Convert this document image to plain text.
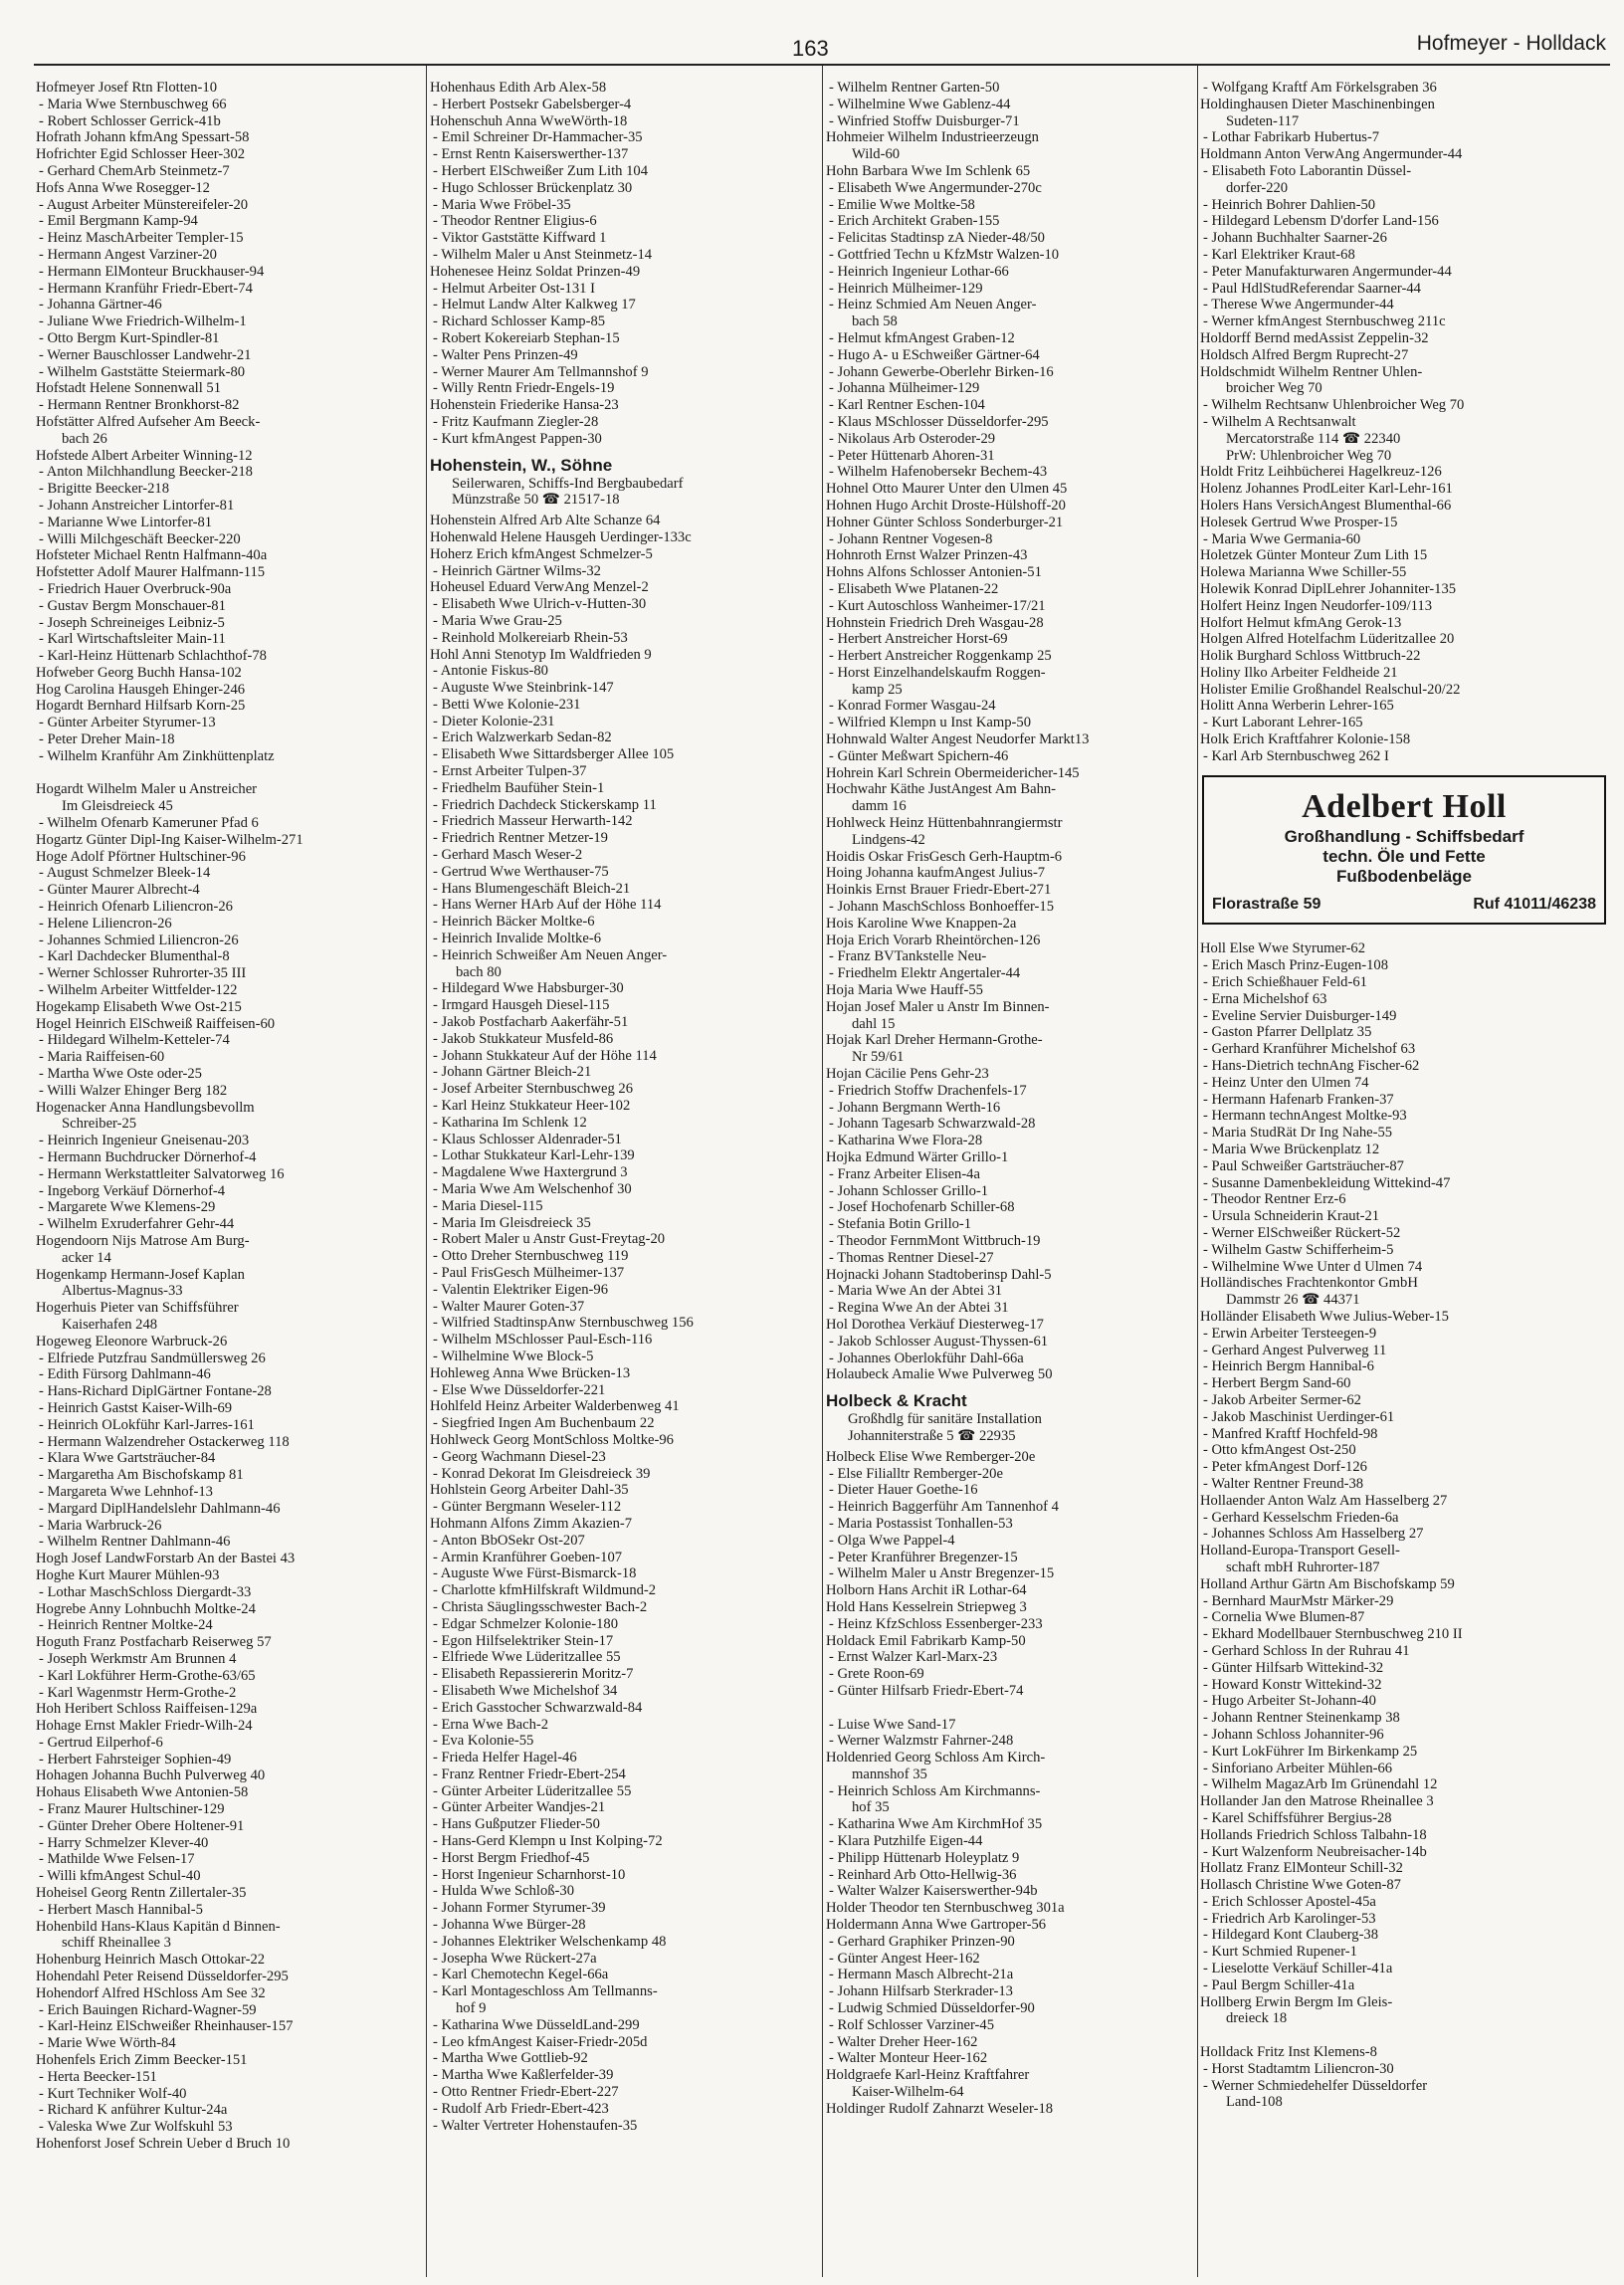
163	Hofmeyer - Holldack
Hofmeyer Josef Rtn Flotten-10
- Maria Wwe Sternbuschweg 66
- Robert Schlosser Gerrick-41b
Hofrath Johann kfmAng Spessart-58
Hofrichter Egid Schlosser Heer-302
- Gerhard ChemArb Steinmetz-7
Hofs Anna Wwe Rosegger-12
- August Arbeiter Münstereifeler-20
- Emil Bergmann Kamp-94
- Heinz MaschArbeiter Templer-15
- Hermann Angest Varziner-20
- Hermann ElMonteur Bruckhauser-94
- Hermann Kranführ Friedr-Ebert-74
- Johanna Gärtner-46
- Juliane Wwe Friedrich-Wilhelm-1
- Otto Bergm Kurt-Spindler-81
- Werner Bauschlosser Landwehr-21
- Wilhelm Gaststätte Steiermark-80
Hofstadt Helene Sonnenwall 51
- Hermann Rentner Bronkhorst-82
Hofstätter Alfred Aufseher Am Beeck-
bach 26
Hofstede Albert Arbeiter Winning-12
- Anton Milchhandlung Beecker-218
- Brigitte Beecker-218
- Johann Anstreicher Lintorfer-81
- Marianne Wwe Lintorfer-81
- Willi Milchgeschäft Beecker-220
Hofsteter Michael Rentn Halfmann-40a
Hofstetter Adolf Maurer Halfmann-115
- Friedrich Hauer Overbruck-90a
- Gustav Bergm Monschauer-81
- Joseph Schreineiges Leibniz-5
- Karl Wirtschaftsleiter Main-11
- Karl-Heinz Hüttenarb Schlachthof-78
Hofweber Georg Buchh Hansa-102
Hog Carolina Hausgeh Ehinger-246
Hogardt Bernhard Hilfsarb Korn-25
- Günter Arbeiter Styrumer-13
- Peter Dreher Main-18
- Wilhelm Kranführ Am Zinkhüttenplatz

Hogardt Wilhelm Maler u Anstreicher
Im Gleisdreieck 45
- Wilhelm Ofenarb Kameruner Pfad 6
Hogartz Günter Dipl-Ing Kaiser-Wilhelm-271
Hoge Adolf Pförtner Hultschiner-96
- August Schmelzer Bleek-14
- Günter Maurer Albrecht-4
- Heinrich Ofenarb Liliencron-26
- Helene Liliencron-26
- Johannes Schmied Liliencron-26
- Karl Dachdecker Blumenthal-8
- Werner Schlosser Ruhrorter-35 III
- Wilhelm Arbeiter Wittfelder-122
Hogekamp Elisabeth Wwe Ost-215
Hogel Heinrich ElSchweiß Raiffeisen-60
- Hildegard Wilhelm-Ketteler-74
- Maria Raiffeisen-60
- Martha Wwe Oste oder-25
- Willi Walzer Ehinger Berg 182
Hogenacker Anna Handlungsbevollm
Schreiber-25
- Heinrich Ingenieur Gneisenau-203
- Hermann Buchdrucker Dörnerhof-4
- Hermann Werkstattleiter Salvatorweg 16
- Ingeborg Verkäuf Dörnerhof-4
- Margarete Wwe Klemens-29
- Wilhelm Exruderfahrer Gehr-44
Hogendoorn Nijs Matrose Am Burg-
acker 14
Hogenkamp Hermann-Josef Kaplan
Albertus-Magnus-33
Hogerhuis Pieter van Schiffsführer
Kaiserhafen 248
Hogeweg Eleonore Warbruck-26
- Elfriede Putzfrau Sandmüllersweg 26
- Edith Fürsorg Dahlmann-46
- Hans-Richard DiplGärtner Fontane-28
- Heinrich Gastst Kaiser-Wilh-69
- Heinrich OLokführ Karl-Jarres-161
- Hermann Walzendreher Ostackerweg 118
- Klara Wwe Gartsträucher-84
- Margaretha Am Bischofskamp 81
- Margareta Wwe Lehnhof-13
- Margard DiplHandelslehr Dahlmann-46
- Maria Warbruck-26
- Wilhelm Rentner Dahlmann-46
Hogh Josef LandwForstarb An der Bastei 43
Hoghe Kurt Maurer Mühlen-93
- Lothar MaschSchloss Diergardt-33
Hogrebe Anny Lohnbuchh Moltke-24
- Heinrich Rentner Moltke-24
Hoguth Franz Postfacharb Reiserweg 57
- Joseph Werkmstr Am Brunnen 4
- Karl Lokführer Herm-Grothe-63/65
- Karl Wagenmstr Herm-Grothe-2
Hoh Heribert Schloss Raiffeisen-129a
Hohage Ernst Makler Friedr-Wilh-24
- Gertrud Eilperhof-6
- Herbert Fahrsteiger Sophien-49
Hohagen Johanna Buchh Pulverweg 40
Hohaus Elisabeth Wwe Antonien-58
- Franz Maurer Hultschiner-129
- Günter Dreher Obere Holtener-91
- Harry Schmelzer Klever-40
- Mathilde Wwe Felsen-17
- Willi kfmAngest Schul-40
Hoheisel Georg Rentn Zillertaler-35
- Herbert Masch Hannibal-5
Hohenbild Hans-Klaus Kapitän d Binnen-
schiff Rheinallee 3
Hohenburg Heinrich Masch Ottokar-22
Hohendahl Peter Reisend Düsseldorfer-295
Hohendorf Alfred HSchloss Am See 32
- Erich Bauingen Richard-Wagner-59
- Karl-Heinz ElSchweißer Rheinhauser-157
- Marie Wwe Wörth-84
Hohenfels Erich Zimm Beecker-151
- Herta Beecker-151
- Kurt Techniker Wolf-40
- Richard K anführer Kultur-24a
- Valeska Wwe Zur Wolfskuhl 53
Hohenforst Josef Schrein Ueber d Bruch 10
Hohenhaus Edith Arb Alex-58
- Herbert Postsekr Gabelsberger-4
Hohenschuh Anna WweWörth-18
- Emil Schreiner Dr-Hammacher-35
- Ernst Rentn Kaiserswerther-137
- Herbert ElSchweißer Zum Lith 104
- Hugo Schlosser Brückenplatz 30
- Maria Wwe Fröbel-35
- Theodor Rentner Eligius-6
- Viktor Gaststätte Kiffward 1
- Wilhelm Maler u Anst Steinmetz-14
Hohenesee Heinz Soldat Prinzen-49
- Helmut Arbeiter Ost-131 I
- Helmut Landw Alter Kalkweg 17
- Richard Schlosser Kamp-85
- Robert Kokereiarb Stephan-15
- Walter Pens Prinzen-49
- Werner Maurer Am Tellmannshof 9
- Willy Rentn Friedr-Engels-19
Hohenstein Friederike Hansa-23
- Fritz Kaufmann Ziegler-28
- Kurt kfmAngest Pappen-30
Hohenstein, W., Söhne
Seilerwaren, Schiffs-Ind Bergbaubedarf
Münzstraße 50 ☎ 21517-18
Hohenstein Alfred Arb Alte Schanze 64
Hohenwald Helene Hausgeh Uerdinger-133c
Hoherz Erich kfmAngest Schmelzer-5
- Heinrich Gärtner Wilms-32
Hoheusel Eduard VerwAng Menzel-2
- Elisabeth Wwe Ulrich-v-Hutten-30
- Maria Wwe Grau-25
- Reinhold Molkereiarb Rhein-53
Hohl Anni Stenotyp Im Waldfrieden 9
- Antonie Fiskus-80
- Auguste Wwe Steinbrink-147
- Betti Wwe Kolonie-231
- Dieter Kolonie-231
- Erich Walzwerkarb Sedan-82
- Elisabeth Wwe Sittardsberger Allee 105
- Ernst Arbeiter Tulpen-37
- Friedhelm Baufüher Stein-1
- Friedrich Dachdeck Stickerskamp 11
- Friedrich Masseur Herwarth-142
- Friedrich Rentner Metzer-19
- Gerhard Masch Weser-2
- Gertrud Wwe Werthauser-75
- Hans Blumengeschäft Bleich-21
- Hans Werner HArb Auf der Höhe 114
- Heinrich Bäcker Moltke-6
- Heinrich Invalide Moltke-6
- Heinrich Schweißer Am Neuen Anger-
bach 80
- Hildegard Wwe Habsburger-30
- Irmgard Hausgeh Diesel-115
- Jakob Postfacharb Aakerfähr-51
- Jakob Stukkateur Musfeld-86
- Johann Stukkateur Auf der Höhe 114
- Johann Gärtner Bleich-21
- Josef Arbeiter Sternbuschweg 26
- Karl Heinz Stukkateur Heer-102
- Katharina Im Schlenk 12
- Klaus Schlosser Aldenrader-51
- Lothar Stukkateur Karl-Lehr-139
- Magdalene Wwe Haxtergrund 3
- Maria Wwe Am Welschenhof 30
- Maria Diesel-115
- Maria Im Gleisdreieck 35
- Robert Maler u Anstr Gust-Freytag-20
- Otto Dreher Sternbuschweg 119
- Paul FrisGesch Mülheimer-137
- Valentin Elektriker Eigen-96
- Walter Maurer Goten-37
- Wilfried StadtinspAnw Sternbuschweg 156
- Wilhelm MSchlosser Paul-Esch-116
- Wilhelmine Wwe Block-5
Hohleweg Anna Wwe Brücken-13
- Else Wwe Düsseldorfer-221
Hohlfeld Heinz Arbeiter Walderbenweg 41
- Siegfried Ingen Am Buchenbaum 22
Hohlweck Georg MontSchloss Moltke-96
- Georg Wachmann Diesel-23
- Konrad Dekorat Im Gleisdreieck 39
Hohlstein Georg Arbeiter Dahl-35
- Günter Bergmann Weseler-112
Hohmann Alfons Zimm Akazien-7
- Anton BbOSekr Ost-207
- Armin Kranführer Goeben-107
- Auguste Wwe Fürst-Bismarck-18
- Charlotte kfmHilfskraft Wildmund-2
- Christa Säuglingsschwester Bach-2
- Edgar Schmelzer Kolonie-180
- Egon Hilfselektriker Stein-17
- Elfriede Wwe Lüderitzallee 55
- Elisabeth Repassiererin Moritz-7
- Elisabeth Wwe Michelshof 34
- Erich Gasstocher Schwarzwald-84
- Erna Wwe Bach-2
- Eva Kolonie-55
- Frieda Helfer Hagel-46
- Franz Rentner Friedr-Ebert-254
- Günter Arbeiter Lüderitzallee 55
- Günter Arbeiter Wandjes-21
- Hans Gußputzer Flieder-50
- Hans-Gerd Klempn u Inst Kolping-72
- Horst Bergm Friedhof-45
- Horst Ingenieur Scharnhorst-10
- Hulda Wwe Schloß-30
- Johann Former Styrumer-39
- Johanna Wwe Bürger-28
- Johannes Elektriker Welschenkamp 48
- Josepha Wwe Rückert-27a
- Karl Chemotechn Kegel-66a
- Karl Montageschloss Am Tellmanns-
hof 9
- Katharina Wwe DüsseldLand-299
- Leo kfmAngest Kaiser-Friedr-205d
- Martha Wwe Gottlieb-92
- Martha Wwe Kaßlerfelder-39
- Otto Rentner Friedr-Ebert-227
- Rudolf Arb Friedr-Ebert-423
- Walter Vertreter Hohenstaufen-35
- Wilhelm Rentner Garten-50
- Wilhelmine Wwe Gablenz-44
- Winfried Stoffw Duisburger-71
Hohmeier Wilhelm Industrieerzeugn
Wild-60
Hohn Barbara Wwe Im Schlenk 65
- Elisabeth Wwe Angermunder-270c
- Emilie Wwe Moltke-58
- Erich Architekt Graben-155
- Felicitas Stadtinsp zA Nieder-48/50
- Gottfried Techn u KfzMstr Walzen-10
- Heinrich Ingenieur Lothar-66
- Heinrich Mülheimer-129
- Heinz Schmied Am Neuen Anger-
bach 58
- Helmut kfmAngest Graben-12
- Hugo A- u ESchweißer Gärtner-64
- Johann Gewerbe-Oberlehr Birken-16
- Johanna Mülheimer-129
- Karl Rentner Eschen-104
- Klaus MSchlosser Düsseldorfer-295
- Nikolaus Arb Osteroder-29
- Peter Hüttenarb Ahoren-31
- Wilhelm Hafenobersekr Bechem-43
Hohnel Otto Maurer Unter den Ulmen 45
Hohnen Hugo Archit Droste-Hülshoff-20
Hohner Günter Schloss Sonderburger-21
- Johann Rentner Vogesen-8
Hohnroth Ernst Walzer Prinzen-43
Hohns Alfons Schlosser Antonien-51
- Elisabeth Wwe Platanen-22
- Kurt Autoschloss Wanheimer-17/21
Hohnstein Friedrich Dreh Wasgau-28
- Herbert Anstreicher Horst-69
- Herbert Anstreicher Roggenkamp 25
- Horst Einzelhandelskaufm Roggen-
kamp 25
- Konrad Former Wasgau-24
- Wilfried Klempn u Inst Kamp-50
Hohnwald Walter Angest Neudorfer Markt13
- Günter Meßwart Spichern-46
Hohrein Karl Schrein Obermeidericher-145
Hochwahr Käthe JustAngest Am Bahn-
damm 16
Hohlweck Heinz Hüttenbahnrangiermstr
Lindgens-42
Hoidis Oskar FrisGesch Gerh-Hauptm-6
Hoing Johanna kaufmAngest Julius-7
Hoinkis Ernst Brauer Friedr-Ebert-271
- Johann MaschSchloss Bonhoeffer-15
Hois Karoline Wwe Knappen-2a
Hoja Erich Vorarb Rheintörchen-126
- Franz BVTankstelle Neu-
- Friedhelm Elektr Angertaler-44
Hoja Maria Wwe Hauff-55
Hojan Josef Maler u Anstr Im Binnen-
dahl 15
Hojak Karl Dreher Hermann-Grothe-
Nr 59/61
Hojan Cäcilie Pens Gehr-23
- Friedrich Stoffw Drachenfels-17
- Johann Bergmann Werth-16
- Johann Tagesarb Schwarzwald-28
- Katharina Wwe Flora-28
Hojka Edmund Wärter Grillo-1
- Franz Arbeiter Elisen-4a
- Johann Schlosser Grillo-1
- Josef Hochofenarb Schiller-68
- Stefania Botin Grillo-1
- Theodor FernmMont Wittbruch-19
- Thomas Rentner Diesel-27
Hojnacki Johann Stadtoberinsp Dahl-5
- Maria Wwe An der Abtei 31
- Regina Wwe An der Abtei 31
Hol Dorothea Verkäuf Diesterweg-17
- Jakob Schlosser August-Thyssen-61
- Johannes Oberlokführ Dahl-66a
Holaubeck Amalie Wwe Pulverweg 50
Holbeck & Kracht
Großhdlg für sanitäre Installation
Johanniterstraße 5 ☎ 22935
Holbeck Elise Wwe Remberger-20e
- Else Filialltr Remberger-20e
- Dieter Hauer Goethe-16
- Heinrich Baggerführ Am Tannenhof 4
- Maria Postassist Tonhallen-53
- Olga Wwe Pappel-4
- Peter Kranführer Bregenzer-15
- Wilhelm Maler u Anstr Bregenzer-15
Holborn Hans Archit iR Lothar-64
Hold Hans Kesselrein Striepweg 3
- Heinz KfzSchloss Essenberger-233
Holdack Emil Fabrikarb Kamp-50
- Ernst Walzer Karl-Marx-23
- Grete Roon-69
- Günter Hilfsarb Friedr-Ebert-74

- Luise Wwe Sand-17
- Werner Walzmstr Fahrner-248
Holdenried Georg Schloss Am Kirch-
mannshof 35
- Heinrich Schloss Am Kirchmanns-
hof 35
- Katharina Wwe Am KirchmHof 35
- Klara Putzhilfe Eigen-44
- Philipp Hüttenarb Holeyplatz 9
- Reinhard Arb Otto-Hellwig-36
- Walter Walzer Kaiserswerther-94b
Holder Theodor ten Sternbuschweg 301a
Holdermann Anna Wwe Gartroper-56
- Gerhard Graphiker Prinzen-90
- Günter Angest Heer-162
- Hermann Masch Albrecht-21a
- Johann Hilfsarb Sterkrader-13
- Ludwig Schmied Düsseldorfer-90
- Rolf Schlosser Varziner-45
- Walter Dreher Heer-162
- Walter Monteur Heer-162
Holdgraefe Karl-Heinz Kraftfahrer
Kaiser-Wilhelm-64
Holdinger Rudolf Zahnarzt Weseler-18
- Wolfgang Kraftf Am Förkelsgraben 36
Holdinghausen Dieter Maschinenbingen
Sudeten-117
- Lothar Fabrikarb Hubertus-7
Holdmann Anton VerwAng Angermunder-44
- Elisabeth Foto Laborantin Düssel-
dorfer-220
- Heinrich Bohrer Dahlien-50
- Hildegard Lebensm D'dorfer Land-156
- Johann Buchhalter Saarner-26
- Karl Elektriker Kraut-68
- Peter Manufakturwaren Angermunder-44
- Paul HdlStudReferendar Saarner-44
- Therese Wwe Angermunder-44
- Werner kfmAngest Sternbuschweg 211c
Holdorff Bernd medAssist Zeppelin-32
Holdsch Alfred Bergm Ruprecht-27
Holdschmidt Wilhelm Rentner Uhlen-
broicher Weg 70
- Wilhelm Rechtsanw Uhlenbroicher Weg 70
- Wilhelm A Rechtsanwalt
Mercatorstraße 114 ☎ 22340
PrW: Uhlenbroicher Weg 70
Holdt Fritz Leihbücherei Hagelkreuz-126
Holenz Johannes ProdLeiter Karl-Lehr-161
Holers Hans VersichAngest Blumenthal-66
Holesek Gertrud Wwe Prosper-15
- Maria Wwe Germania-60
Holetzek Günter Monteur Zum Lith 15
Holewa Marianna Wwe Schiller-55
Holewik Konrad DiplLehrer Johanniter-135
Holfert Heinz Ingen Neudorfer-109/113
Holfort Helmut kfmAng Gerok-13
Holgen Alfred Hotelfachm Lüderitzallee 20
Holik Burghard Schloss Wittbruch-22
Holiny Ilko Arbeiter Feldheide 21
Holister Emilie Großhandel Realschul-20/22
Holitt Anna Werberin Lehrer-165
- Kurt Laborant Lehrer-165
Holk Erich Kraftfahrer Kolonie-158
- Karl Arb Sternbuschweg 262 I
Adelbert Holl
Großhandlung - Schiffsbedarf
techn. Öle und Fette
Fußbodenbeläge
Florastraße 59	Ruf 41011/46238
Holl Else Wwe Styrumer-62
- Erich Masch Prinz-Eugen-108
- Erich Schießhauer Feld-61
- Erna Michelshof 63
- Eveline Servier Duisburger-149
- Gaston Pfarrer Dellplatz 35
- Gerhard Kranführer Michelshof 63
- Hans-Dietrich technAng Fischer-62
- Heinz Unter den Ulmen 74
- Hermann Hafenarb Franken-37
- Hermann technAngest Moltke-93
- Maria StudRät Dr Ing Nahe-55
- Maria Wwe Brückenplatz 12
- Paul Schweißer Gartsträucher-87
- Susanne Damenbekleidung Wittekind-47
- Theodor Rentner Erz-6
- Ursula Schneiderin Kraut-21
- Werner ElSchweißer Rückert-52
- Wilhelm Gastw Schifferheim-5
- Wilhelmine Wwe Unter d Ulmen 74
Holländisches Frachtenkontor GmbH
Dammstr 26 ☎ 44371
Holländer Elisabeth Wwe Julius-Weber-15
- Erwin Arbeiter Tersteegen-9
- Gerhard Angest Pulverweg 11
- Heinrich Bergm Hannibal-6
- Herbert Bergm Sand-60
- Jakob Arbeiter Sermer-62
- Jakob Maschinist Uerdinger-61
- Manfred Kraftf Hochfeld-98
- Otto kfmAngest Ost-250
- Peter kfmAngest Dorf-126
- Walter Rentner Freund-38
Hollaender Anton Walz Am Hasselberg 27
- Gerhard Kesselschm Frieden-6a
- Johannes Schloss Am Hasselberg 27
Holland-Europa-Transport Gesell-
schaft mbH Ruhrorter-187
Holland Arthur Gärtn Am Bischofskamp 59
- Bernhard MaurMstr Märker-29
- Cornelia Wwe Blumen-87
- Ekhard Modellbauer Sternbuschweg 210 II
- Gerhard Schloss In der Ruhrau 41
- Günter Hilfsarb Wittekind-32
- Howard Konstr Wittekind-32
- Hugo Arbeiter St-Johann-40
- Johann Rentner Steinenkamp 38
- Johann Schloss Johanniter-96
- Kurt LokFührer Im Birkenkamp 25
- Sinforiano Arbeiter Mühlen-66
- Wilhelm MagazArb Im Grünendahl 12
Hollander Jan den Matrose Rheinallee 3
- Karel Schiffsführer Bergius-28
Hollands Friedrich Schloss Talbahn-18
- Kurt Walzenform Neubreisacher-14b
Hollatz Franz ElMonteur Schill-32
Hollasch Christine Wwe Goten-87
- Erich Schlosser Apostel-45a
- Friedrich Arb Karolinger-53
- Hildegard Kont Clauberg-38
- Kurt Schmied Rupener-1
- Lieselotte Verkäuf Schiller-41a
- Paul Bergm Schiller-41a
Hollberg Erwin Bergm Im Gleis-
dreieck 18

Holldack Fritz Inst Klemens-8
- Horst Stadtamtm Liliencron-30
- Werner Schmiedehelfer Düsseldorfer
Land-108
